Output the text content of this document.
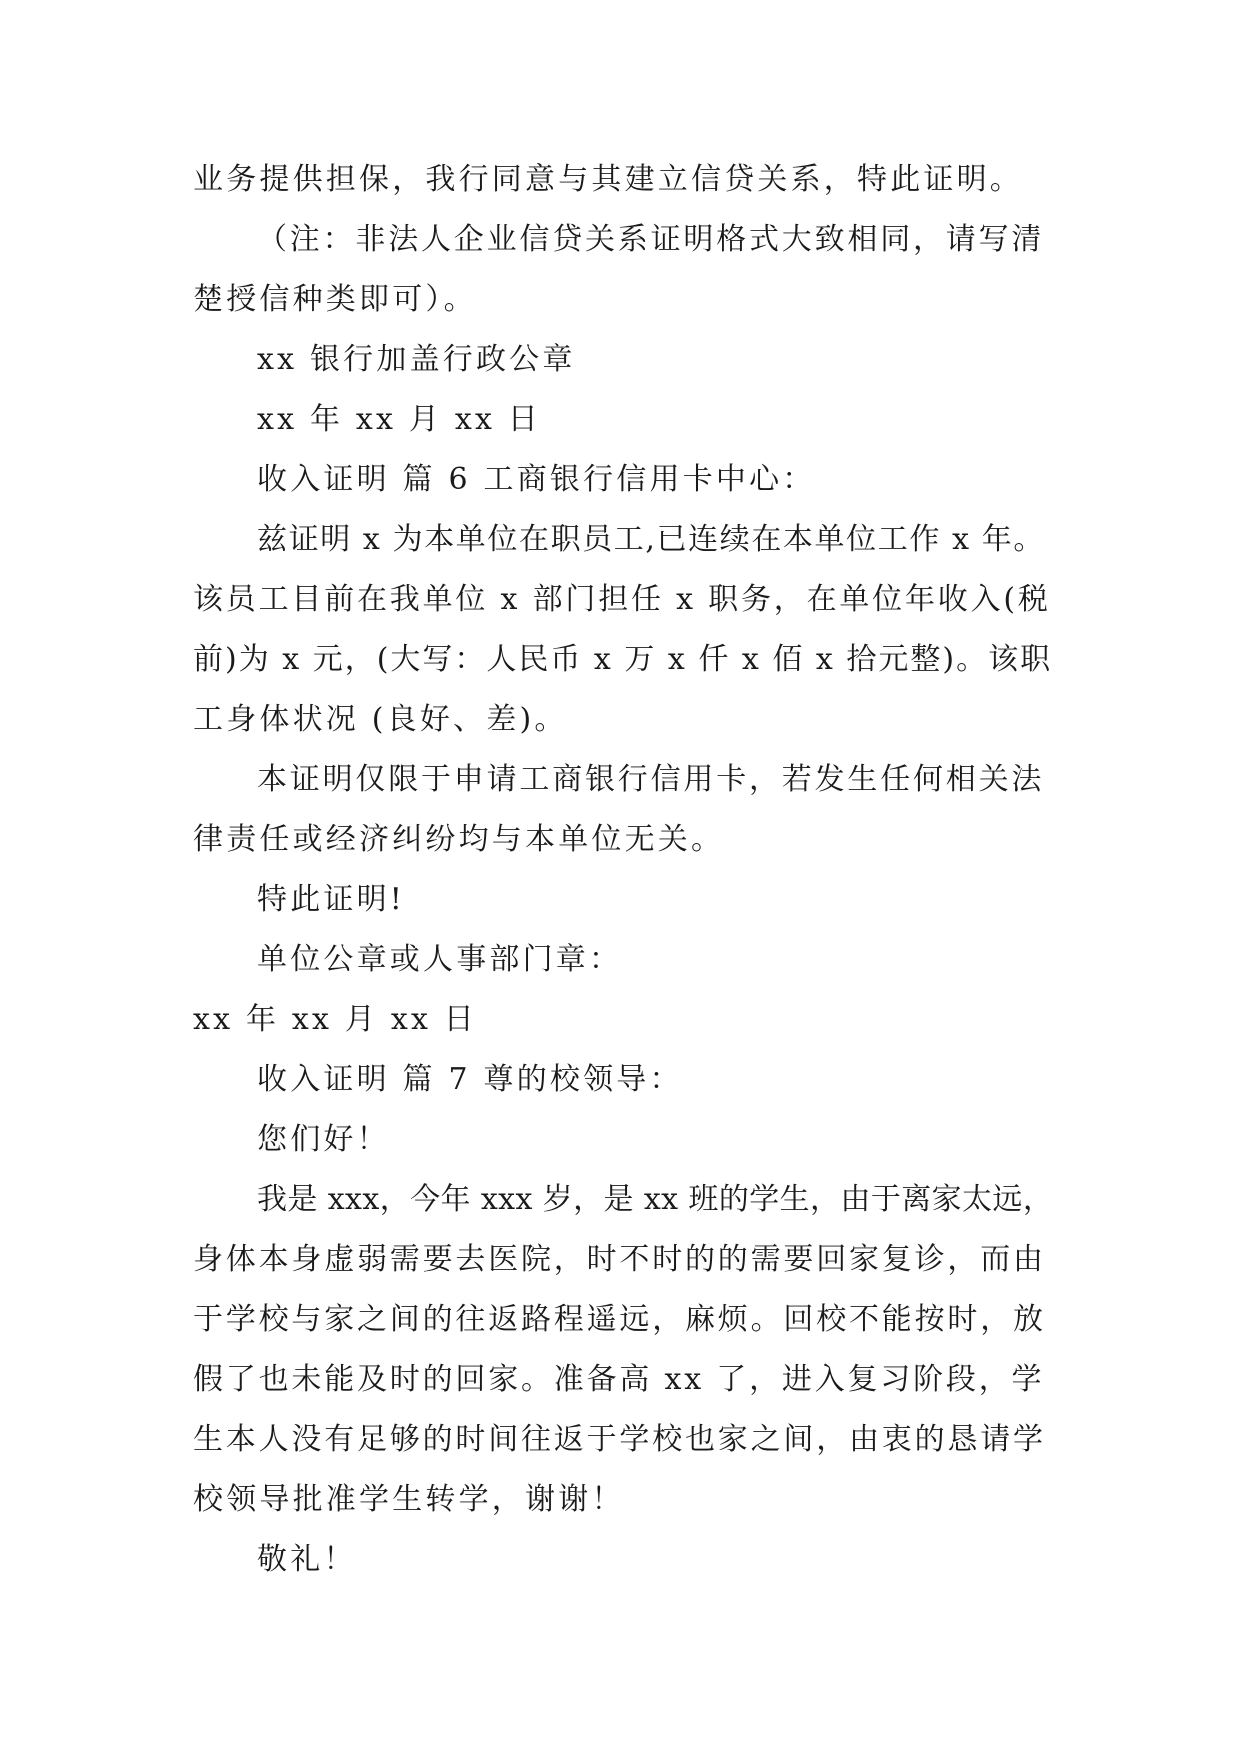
业务提供担保，我行同意与其建立信贷关系，特此证明。

（注：非法人企业信贷关系证明格式大致相同，请写清

楚授信种类即可）。

xx 银行加盖行政公章

xx 年 xx 月 xx 日

收入证明 篇 6 工商银行信用卡中心：

兹证明 x 为本单位在职员工,已连续在本单位工作 x 年。

该员工目前在我单位 x 部门担任 x 职务，在单位年收入(税

前)为 x 元，(大写：人民币 x 万 x 仟 x 佰 x 拾元整)。该职

工身体状况 (良好、差)。

本证明仅限于申请工商银行信用卡，若发生任何相关法

律责任或经济纠纷均与本单位无关。

特此证明!

单位公章或人事部门章：

xx 年 xx 月 xx 日

收入证明 篇 7 尊的校领导：

您们好！

我是 xxx，今年 xxx 岁，是 xx 班的学生，由于离家太远，

身体本身虚弱需要去医院，时不时的的需要回家复诊，而由

于学校与家之间的往返路程遥远，麻烦。回校不能按时，放

假了也未能及时的回家。准备高 xx 了，进入复习阶段，学

生本人没有足够的时间往返于学校也家之间，由衷的恳请学

校领导批准学生转学，谢谢！

敬礼！
